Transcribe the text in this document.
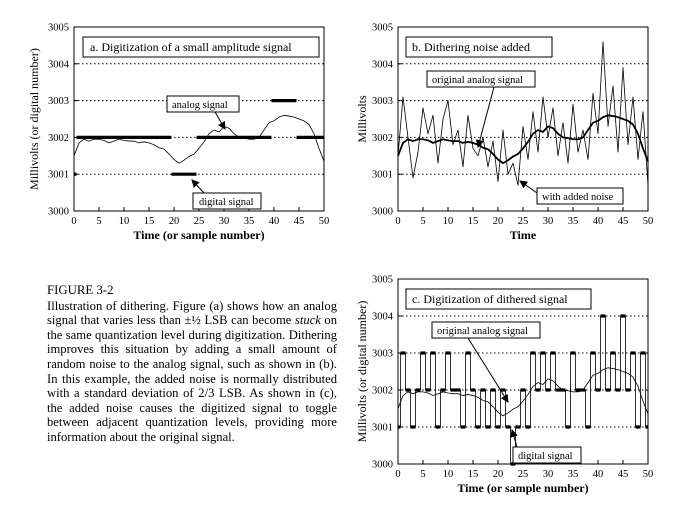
0 5 10 15 20 25 30 35 40 45 50
3000
3001
3002
3003
3004
3005
Time (or sample number)
Millivolts (or digital number)
a. Digitization of a small amplitude signal
analog signal
digital signal
0 5 10 15 20 25 30 35 40 45 50
3000
3001
3002
3003
3004
3005
Time
Millivolts
b. Dithering noise added
original analog signal
with added noise
0 5 10 15 20 25 30 35 40 45 50
3000
3001
3002
3003
3004
3005
Time (or sample number)
Millivolts (or digital number)
c. Digitization of dithered signal
original analog signal
digital signal
FIGURE 3-2
Illustration of dithering. Figure (a) shows how an analog signal that varies less than ±½ LSB can become stuck on the same quantization level during digitization. Dithering improves this situation by adding a small amount of random noise to the analog signal, such as shown in (b). In this example, the added noise is normally distributed with a standard deviation of 2/3 LSB. As shown in (c), the added noise causes the digitized signal to toggle between adjacent quantization levels, providing more information about the original signal.
